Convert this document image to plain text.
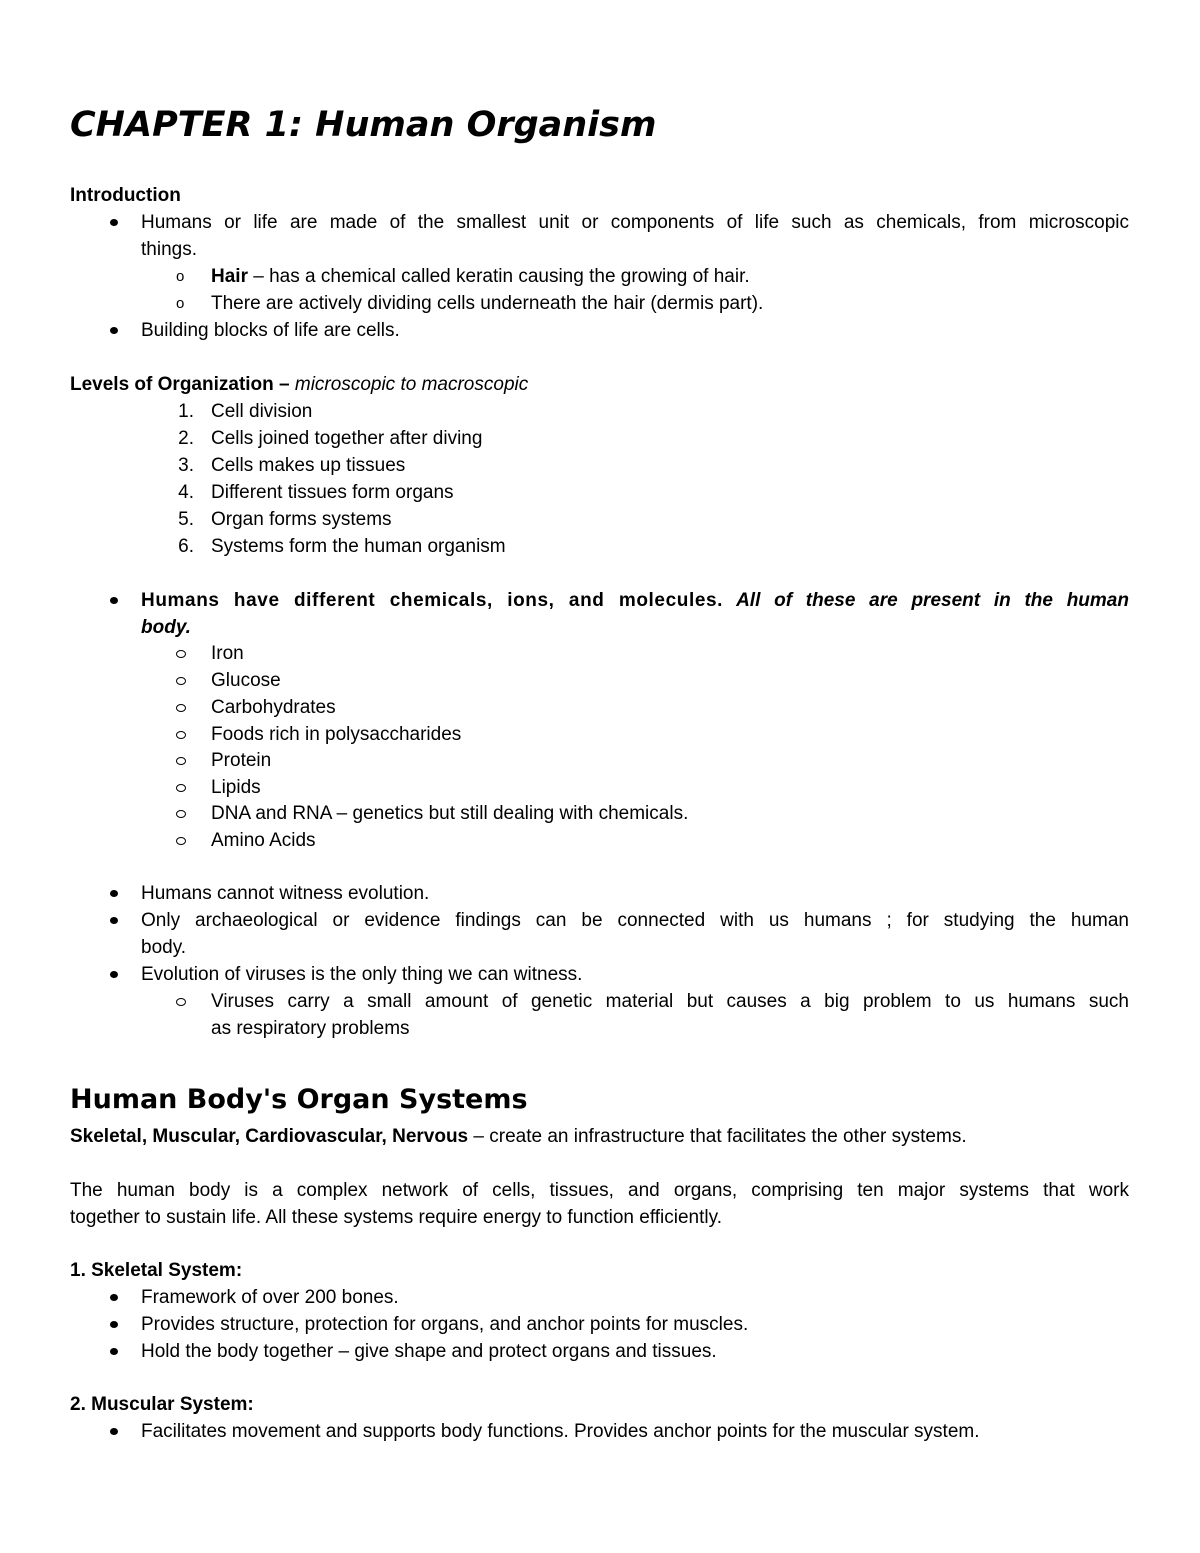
CHAPTER 1: Human Organism
Introduction
Humans or life are made of the smallest unit or components of life such as chemicals, from microscopic
things.
o Hair – has a chemical called keratin causing the growing of hair.
o There are actively dividing cells underneath the hair (dermis part).
Building blocks of life are cells.
Levels of Organization – microscopic to macroscopic
1. Cell division
2. Cells joined together after diving
3. Cells makes up tissues
4. Different tissues form organs
5. Organ forms systems
6. Systems form the human organism
Humans have different chemicals, ions, and molecules. All of these are present in the human
body.
Iron
Glucose
Carbohydrates
Foods rich in polysaccharides
Protein
Lipids
DNA and RNA – genetics but still dealing with chemicals.
Amino Acids
Humans cannot witness evolution.
Only archaeological or evidence findings can be connected with us humans ; for studying the human
body.
Evolution of viruses is the only thing we can witness.
Viruses carry a small amount of genetic material but causes a big problem to us humans such
as respiratory problems
Human Body's Organ Systems
Skeletal, Muscular, Cardiovascular, Nervous – create an infrastructure that facilitates the other systems.
The human body is a complex network of cells, tissues, and organs, comprising ten major systems that work
together to sustain life. All these systems require energy to function efficiently.
1. Skeletal System:
Framework of over 200 bones.
Provides structure, protection for organs, and anchor points for muscles.
Hold the body together – give shape and protect organs and tissues.
2. Muscular System:
Facilitates movement and supports body functions. Provides anchor points for the muscular system.
